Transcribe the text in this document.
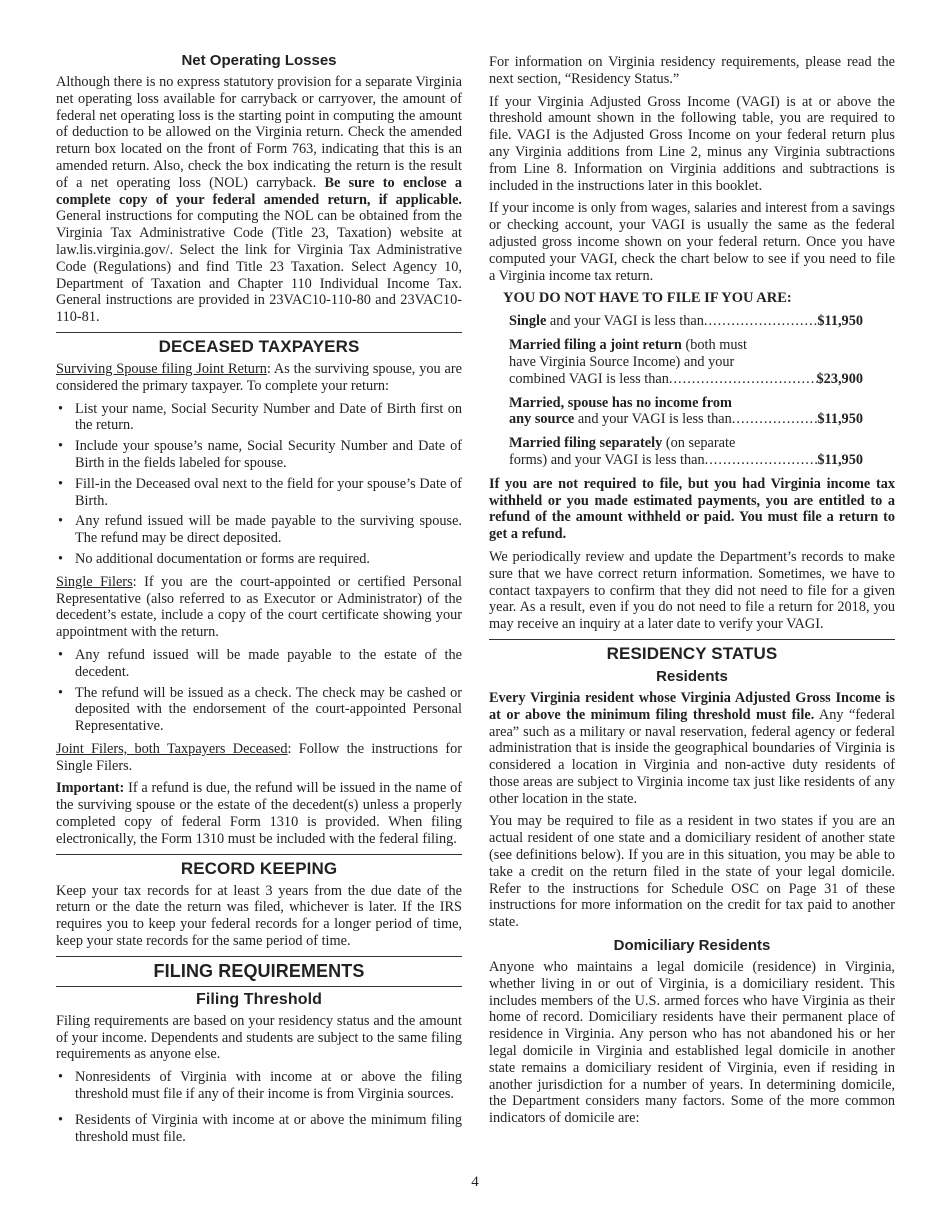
Net Operating Losses

Although there is no express statutory provision for a separate Virginia net operating loss available for carryback or carryover, the amount of federal net operating loss is the starting point in computing the amount of deduction to be allowed on the Virginia return. Check the amended return box located on the front of Form 763, indicating that this is an amended return. Also, check the box indicating the return is the result of a net operating loss (NOL) carryback. Be sure to enclose a complete copy of your federal amended return, if applicable. General instructions for computing the NOL can be obtained from the Virginia Tax Administrative Code (Title 23, Taxation) website at law.lis.virginia.gov/. Select the link for Virginia Tax Administrative Code (Regulations) and find Title 23 Taxation. Select Agency 10, Department of Taxation and Chapter 110 Individual Income Tax. General instructions are provided in 23VAC10-110-80 and 23VAC10-110-81.

DECEASED TAXPAYERS

Surviving Spouse filing Joint Return: As the surviving spouse, you are considered the primary taxpayer. To complete your return:

• List your name, Social Security Number and Date of Birth first on the return.
• Include your spouse’s name, Social Security Number and Date of Birth in the fields labeled for spouse.
• Fill-in the Deceased oval next to the field for your spouse’s Date of Birth.
• Any refund issued will be made payable to the surviving spouse. The refund may be direct deposited.
• No additional documentation or forms are required.

Single Filers: If you are the court-appointed or certified Personal Representative (also referred to as Executor or Administrator) of the decedent’s estate, include a copy of the court certificate showing your appointment with the return.

• Any refund issued will be made payable to the estate of the decedent.
• The refund will be issued as a check. The check may be cashed or deposited with the endorsement of the court-appointed Personal Representative.

Joint Filers, both Taxpayers Deceased: Follow the instructions for Single Filers.

Important: If a refund is due, the refund will be issued in the name of the surviving spouse or the estate of the decedent(s) unless a properly completed copy of federal Form 1310 is provided. When filing electronically, the Form 1310 must be included with the federal filing.

RECORD KEEPING

Keep your tax records for at least 3 years from the due date of the return or the date the return was filed, whichever is later. If the IRS requires you to keep your federal records for a longer period of time, keep your state records for the same period of time.

FILING REQUIREMENTS
Filing Threshold

Filing requirements are based on your residency status and the amount of your income. Dependents and students are subject to the same filing requirements as anyone else.

• Nonresidents of Virginia with income at or above the filing threshold must file if any of their income is from Virginia sources.
• Residents of Virginia with income at or above the minimum filing threshold must file.

For information on Virginia residency requirements, please read the next section, “Residency Status.”

If your Virginia Adjusted Gross Income (VAGI) is at or above the threshold amount shown in the following table, you are required to file. VAGI is the Adjusted Gross Income on your federal return plus any Virginia additions from Line 2, minus any Virginia subtractions from Line 8. Information on Virginia additions and subtractions is included in the instructions later in this booklet.

If your income is only from wages, salaries and interest from a savings or checking account, your VAGI is usually the same as the federal adjusted gross income shown on your federal return. Once you have computed your VAGI, check the chart below to see if you need to file a Virginia income tax return.

YOU DO NOT HAVE TO FILE IF YOU ARE:
Single and your VAGI is less than .....	$11,950
Married filing a joint return (both must
have Virginia Source Income) and your
combined VAGI is less than .....	$23,900
Married, spouse has no income from
any source and your VAGI is less than .....	$11,950
Married filing separately (on separate
forms) and your VAGI is less than .....	$11,950

If you are not required to file, but you had Virginia income tax withheld or you made estimated payments, you are entitled to a refund of the amount withheld or paid. You must file a return to get a refund.

We periodically review and update the Department’s records to make sure that we have correct return information. Sometimes, we have to contact taxpayers to confirm that they did not need to file for a given year. As a result, even if you do not need to file a return for 2018, you may receive an inquiry at a later date to verify your VAGI.

RESIDENCY STATUS
Residents

Every Virginia resident whose Virginia Adjusted Gross Income is at or above the minimum filing threshold must file. Any “federal area” such as a military or naval reservation, federal agency or federal administration that is inside the geographical boundaries of Virginia is considered a location in Virginia and non-active duty residents of those areas are subject to Virginia income tax just like residents of any other location in the state.

You may be required to file as a resident in two states if you are an actual resident of one state and a domiciliary resident of another state (see definitions below). If you are in this situation, you may be able to take a credit on the return filed in the state of your legal domicile. Refer to the instructions for Schedule OSC on Page 31 of these instructions for more information on the credit for tax paid to another state.

Domiciliary Residents

Anyone who maintains a legal domicile (residence) in Virginia, whether living in or out of Virginia, is a domiciliary resident. This includes members of the U.S. armed forces who have Virginia as their home of record. Domiciliary residents have their permanent place of residence in Virginia. Any person who has not abandoned his or her legal domicile in Virginia and established legal domicile in another state remains a domiciliary resident of Virginia, even if residing in another jurisdiction for a number of years. In determining domicile, the Department considers many factors. Some of the more common indicators of domicile are:

4
